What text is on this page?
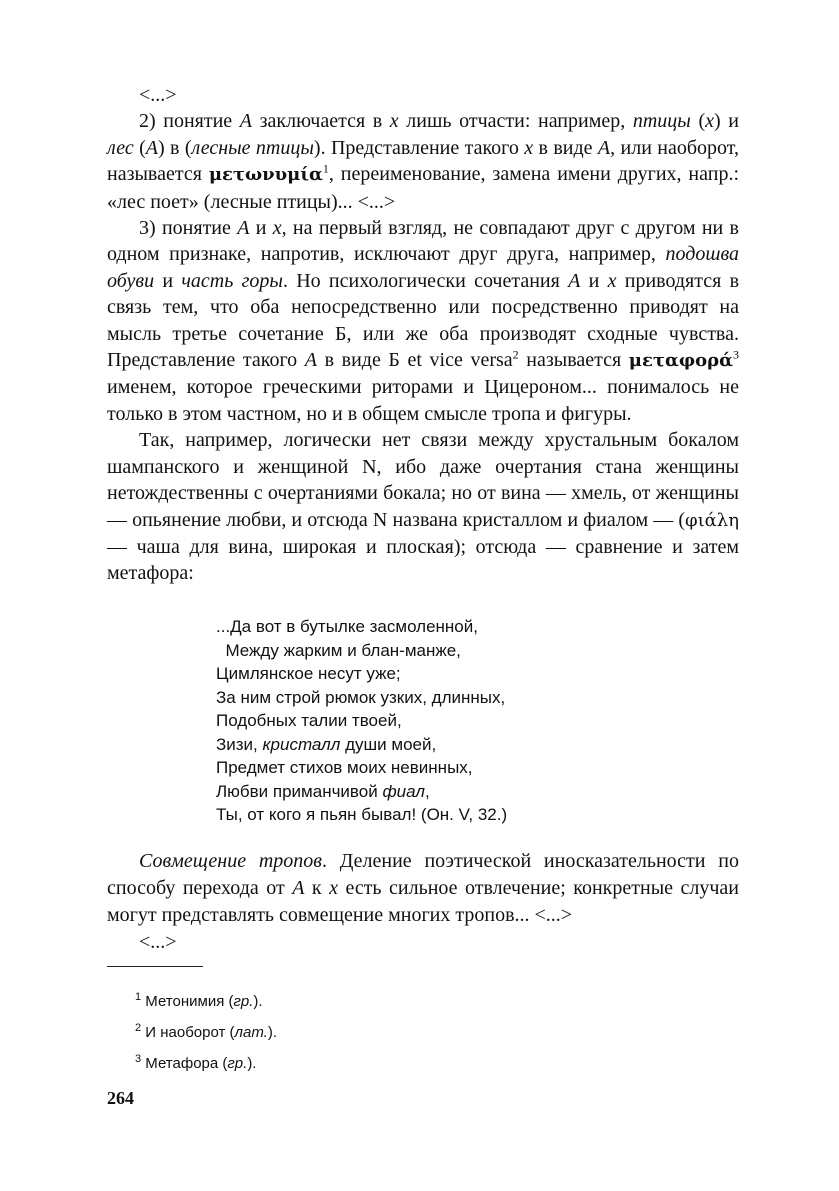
<...>

2) понятие А заключается в х лишь отчасти: например, птицы (х) и лес (А) в (лесные птицы). Представление такого х в виде А, или наоборот, называется μετωνυμία$^1$, переименование, замена имени других, напр.: «лес поет» (лесные птицы)... <...>

3) понятие А и х, на первый взгляд, не совпадают друг с другом ни в одном признаке, напротив, исключают друг друга, например, подошва обуви и часть горы. Но психологически сочетания А и х приводятся в связь тем, что оба непосредственно или посредственно приводят на мысль третье сочетание Б, или же оба производят сходные чувства. Представление такого А в виде Б et vice versa$^2$ называется μεταφορά$^3$ именем, которое греческими риторами и Цицероном... понималось не только в этом частном, но и в общем смысле тропа и фигуры.

Так, например, логически нет связи между хрустальным бокалом шампанского и женщиной N, ибо даже очертания стана женщины нетождественны с очертаниями бокала; но от вина — хмель, от женщины — опьянение любви, и отсюда N названа кристаллом и фиалом — (φιάλη — чаша для вина, широкая и плоская); отсюда — сравнение и затем метафора:

...Да вот в бутылке засмоленной,
Между жарким и блан-манже,
Цимлянское несут уже;
За ним строй рюмок узких, длинных,
Подобных талии твоей,
Зизи, кристалл души моей,
Предмет стихов моих невинных,
Любви приманчивой фиал,
Ты, от кого я пьян бывал! (Он. V, 32.)

Совмещение тропов. Деление поэтической иносказательности по способу перехода от А к х есть сильное отвлечение; конкретные случаи могут представлять совмещение многих тропов... <...>

<...>
$^1$ Метонимия (гр.).
$^2$ И наоборот (лат.).
$^3$ Метафора (гр.).
264
